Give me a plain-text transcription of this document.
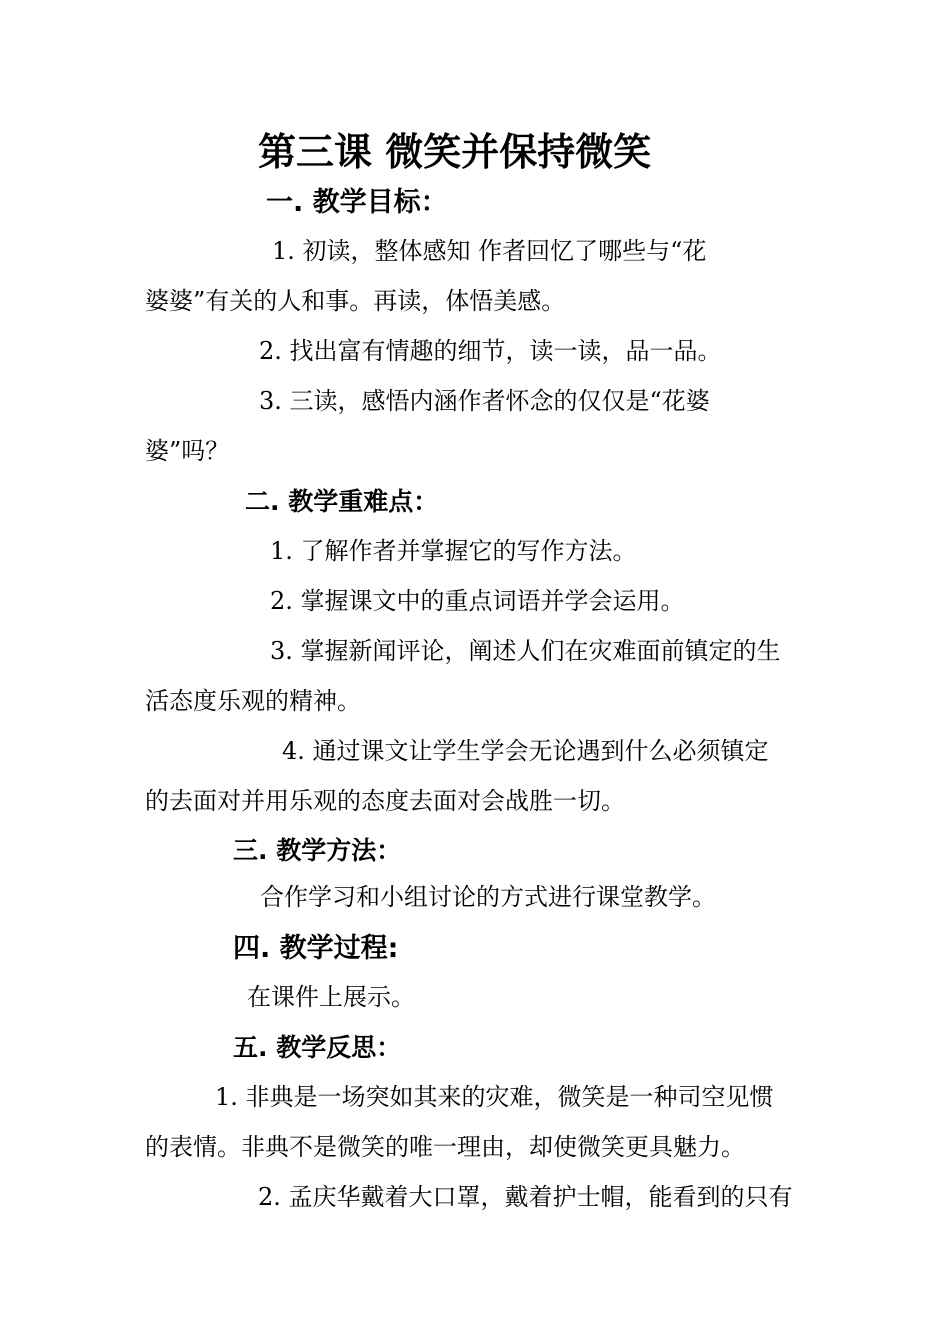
第三课 微笑并保持微笑
一. 教学目标：
1. 初读，整体感知 作者回忆了哪些与“花
婆婆”有关的人和事。再读，体悟美感。
2. 找出富有情趣的细节，读一读，品一品。
3. 三读，感悟内涵作者怀念的仅仅是“花婆
婆”吗？
二. 教学重难点：
1. 了解作者并掌握它的写作方法。
2. 掌握课文中的重点词语并学会运用。
3. 掌握新闻评论，阐述人们在灾难面前镇定的生
活态度乐观的精神。
4. 通过课文让学生学会无论遇到什么必须镇定
的去面对并用乐观的态度去面对会战胜一切。
三. 教学方法：
合作学习和小组讨论的方式进行课堂教学。
四. 教学过程:
在课件上展示。
五. 教学反思：
1. 非典是一场突如其来的灾难，微笑是一种司空见惯
的表情。非典不是微笑的唯一理由，却使微笑更具魅力。
2. 孟庆华戴着大口罩，戴着护士帽，能看到的只有
